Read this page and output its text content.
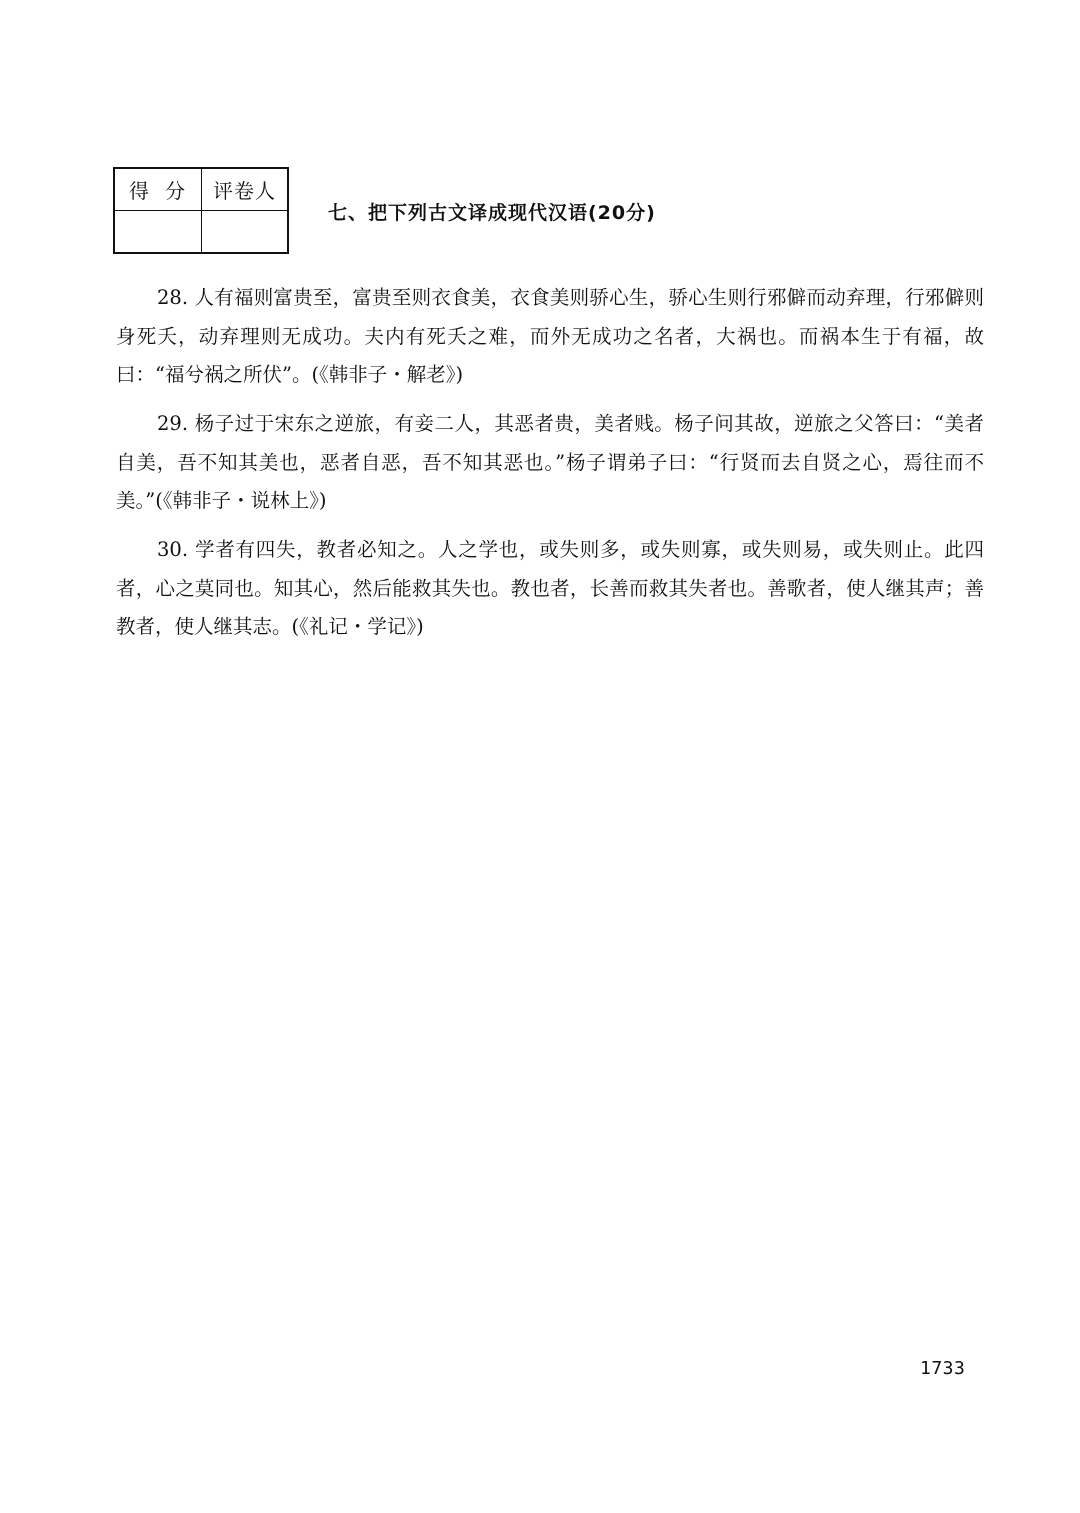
得分 评卷人
七、把下列古文译成现代汉语(20分)

28. 人有福则富贵至，富贵至则衣食美，衣食美则骄心生，骄心生则行邪僻而动弃理，行邪僻则身死夭，动弃理则无成功。夫内有死夭之难，而外无成功之名者，大祸也。而祸本生于有福，故曰：“福兮祸之所伏”。(《韩非子・解老》)

29. 杨子过于宋东之逆旅，有妾二人，其恶者贵，美者贱。杨子问其故，逆旅之父答曰：“美者自美，吾不知其美也，恶者自恶，吾不知其恶也。”杨子谓弟子曰：“行贤而去自贤之心，焉往而不美。”(《韩非子・说林上》)

30. 学者有四失，教者必知之。人之学也，或失则多，或失则寡，或失则易，或失则止。此四者，心之莫同也。知其心，然后能救其失也。教也者，长善而救其失者也。善歌者，使人继其声；善教者，使人继其志。(《礼记・学记》)

1733
